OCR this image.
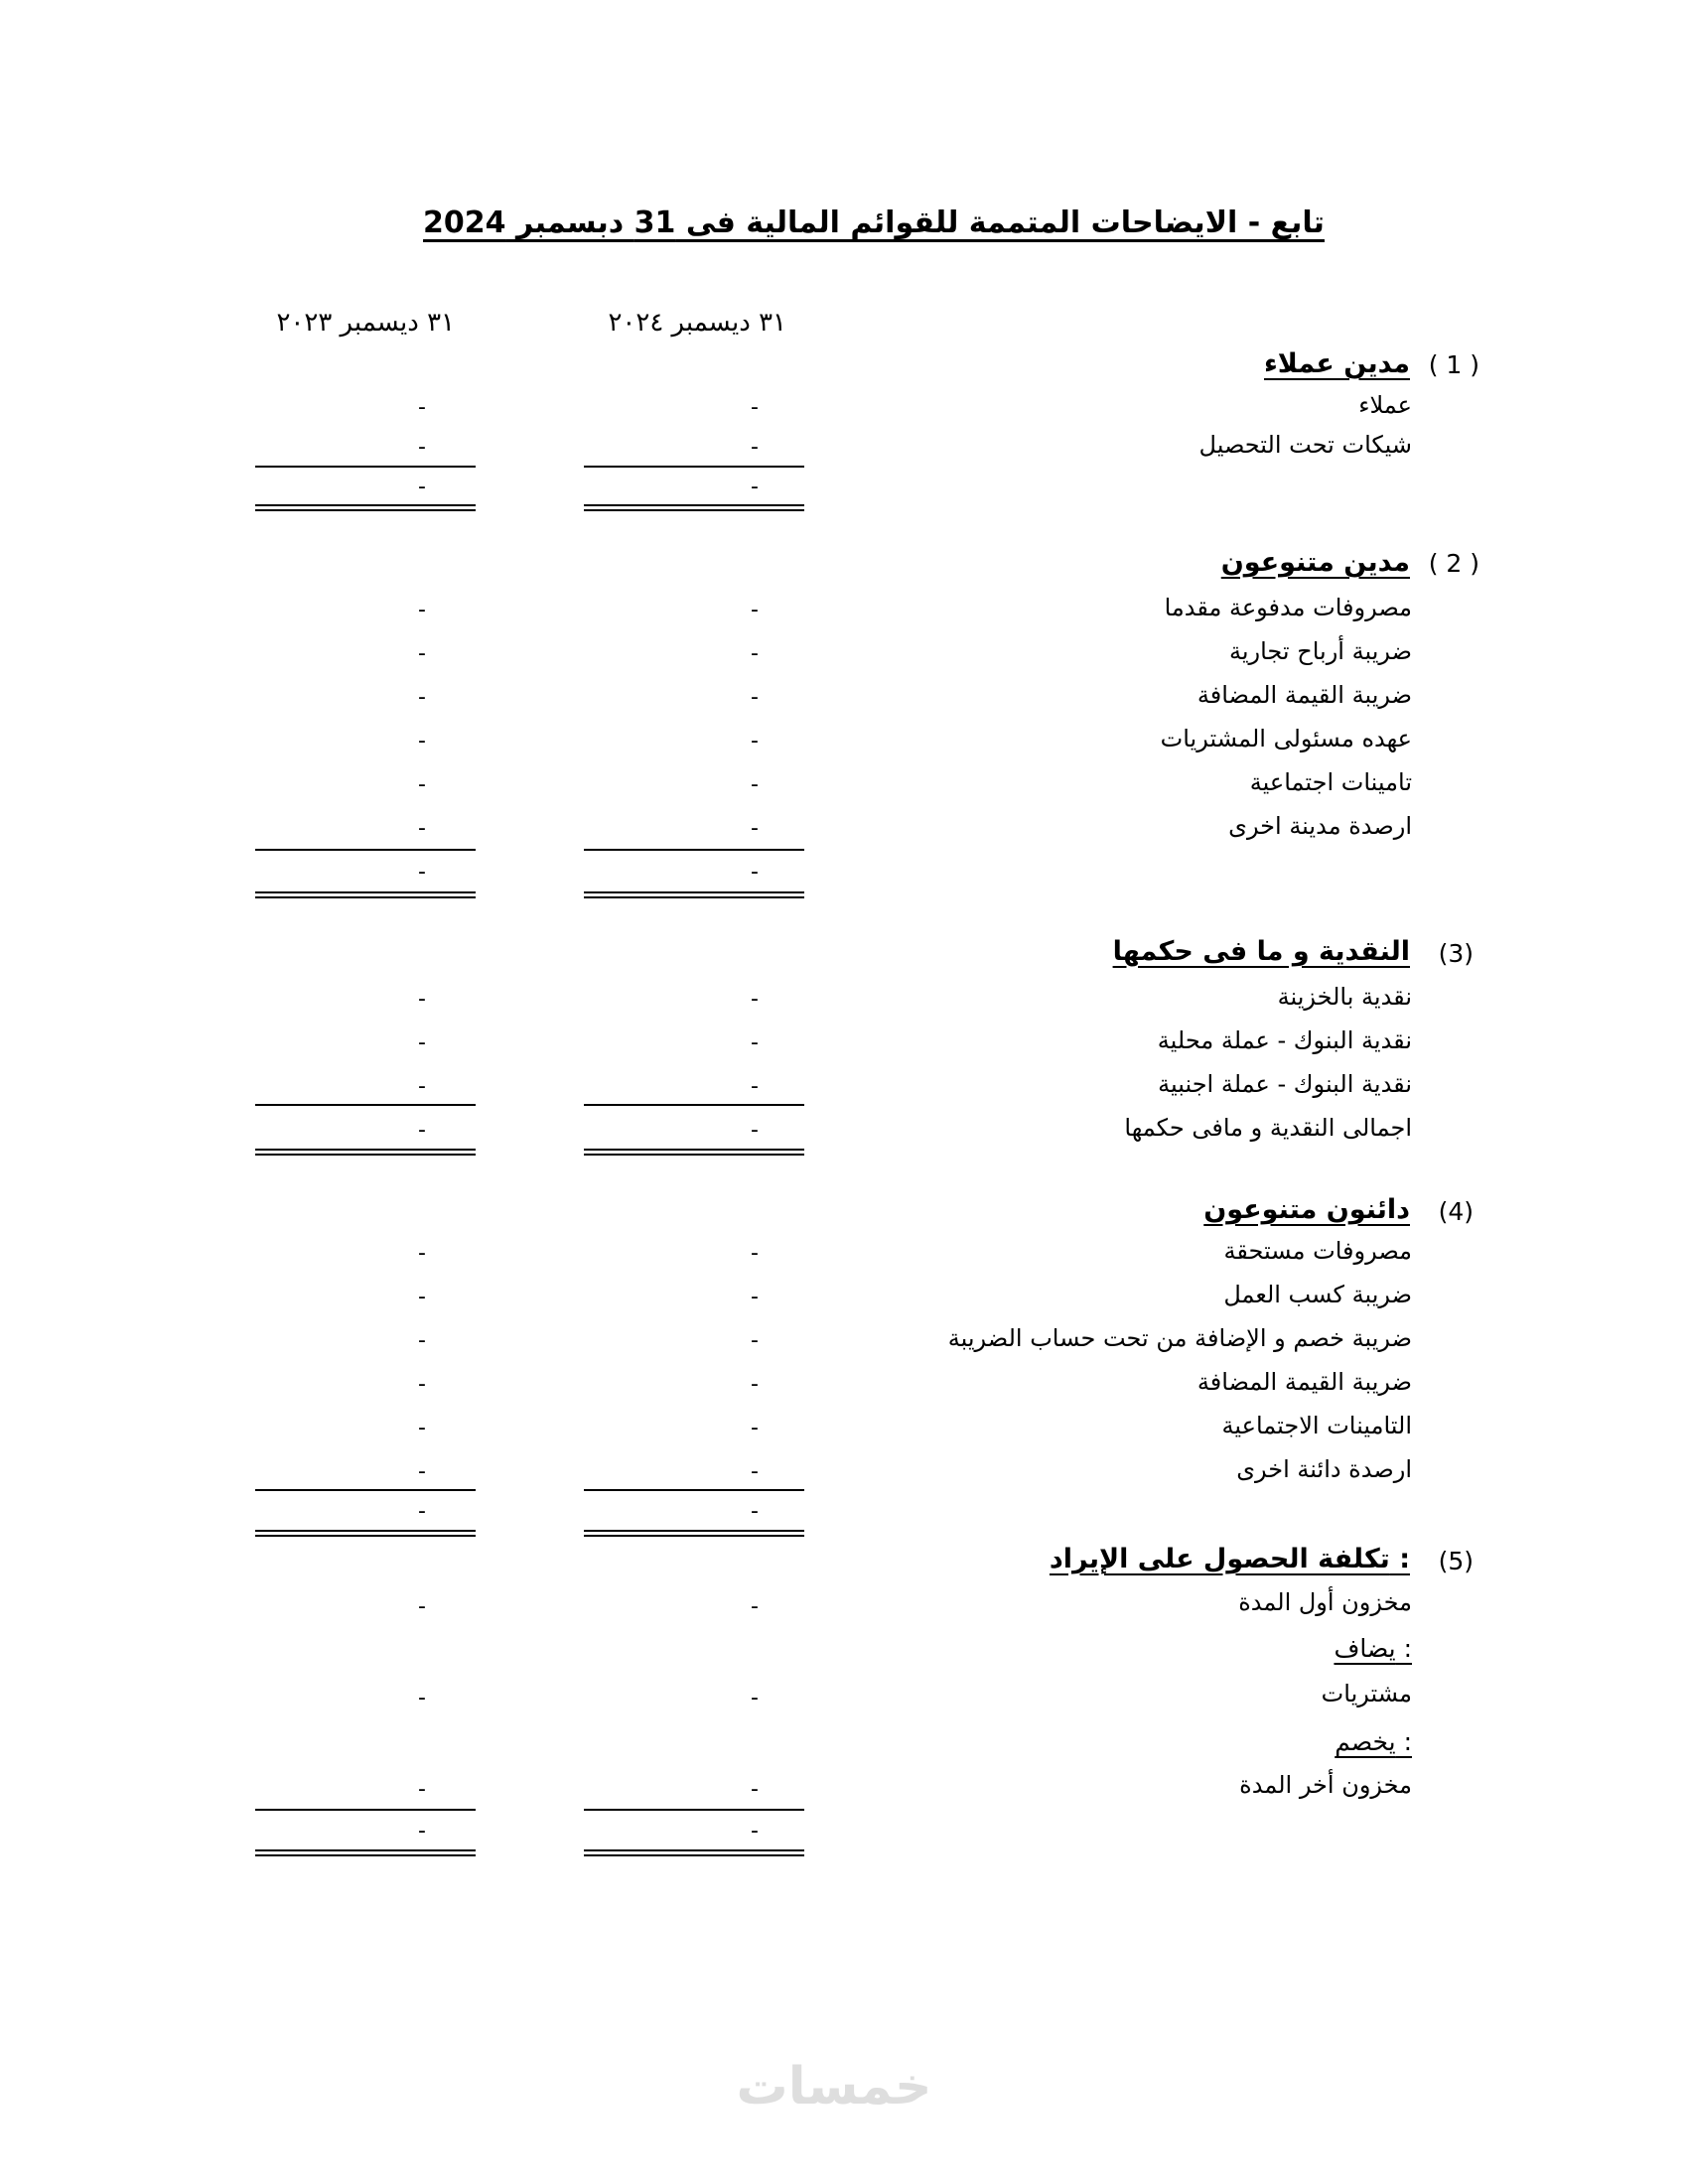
تابع - الايضاحات المتممة للقوائم المالية فى 31 دبسمبر 2024
٣١ ديسمبر ٢٠٢٤
٣١ ديسمبر ٢٠٢٣
( 1 )
مدين عملاء
عملاء
-
-
شيكات تحت التحصيل
-
-
-
-
( 2 )
مدين متنوعون
مصروفات مدفوعة مقدما
-
-
ضريبة أرباح تجارية
-
-
ضريبة القيمة المضافة
-
-
عهده مسئولى المشتريات
-
-
تامينات اجتماعية
-
-
ارصدة مدينة اخرى
-
-
-
-
(3)
النقدية و ما فى حكمها
نقدية بالخزينة
-
-
نقدية البنوك - عملة محلية
-
-
نقدية البنوك - عملة اجنبية
-
-
اجمالى النقدية و مافى حكمها
-
-
(4)
دائنون متنوعون
مصروفات مستحقة
-
-
ضريبة كسب العمل
-
-
ضريبة خصم و الإضافة من تحت حساب الضريبة
-
-
ضريبة القيمة المضافة
-
-
التامينات الاجتماعية
-
-
ارصدة دائنة اخرى
-
-
-
-
(5)
تكلفة الحصول على الإيراد :
مخزون أول المدة
-
-
يضاف :
مشتريات
-
-
يخصم :
مخزون أخر المدة
-
-
-
-
خمسات
